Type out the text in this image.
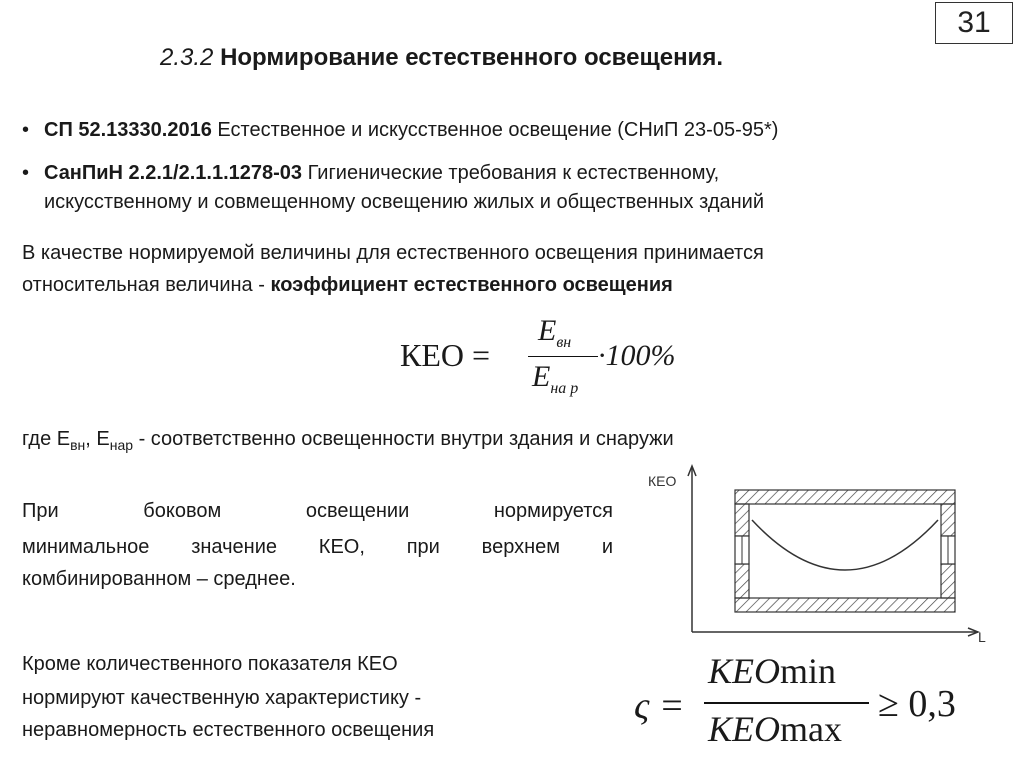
31
2.3.2 Нормирование естественного освещения.
• СП 52.13330.2016 Естественное и искусственное освещение (СНиП 23-05-95*)
• СанПиН 2.2.1/2.1.1.1278-03 Гигиенические требования к естественному,
искусственному и совмещенному освещению жилых и общественных зданий
В качестве нормируемой величины для естественного освещения принимается
относительная величина - коэффициент естественного освещения
КЕО =
$E_{вн}$
$E_{на р}$
·100%
где $E_{вн}$, $E_{нар}$ - соответственно освещенности внутри здания и снаружи
При боковом освещении нормируется
минимальное значение КЕО, при верхнем и
комбинированном – среднее.
КЕО
L
Кроме количественного показателя КЕО
нормируют качественную характеристику -
неравномерность естественного освещения
ς =
KEOmin
KEOmax
≥ 0,3
